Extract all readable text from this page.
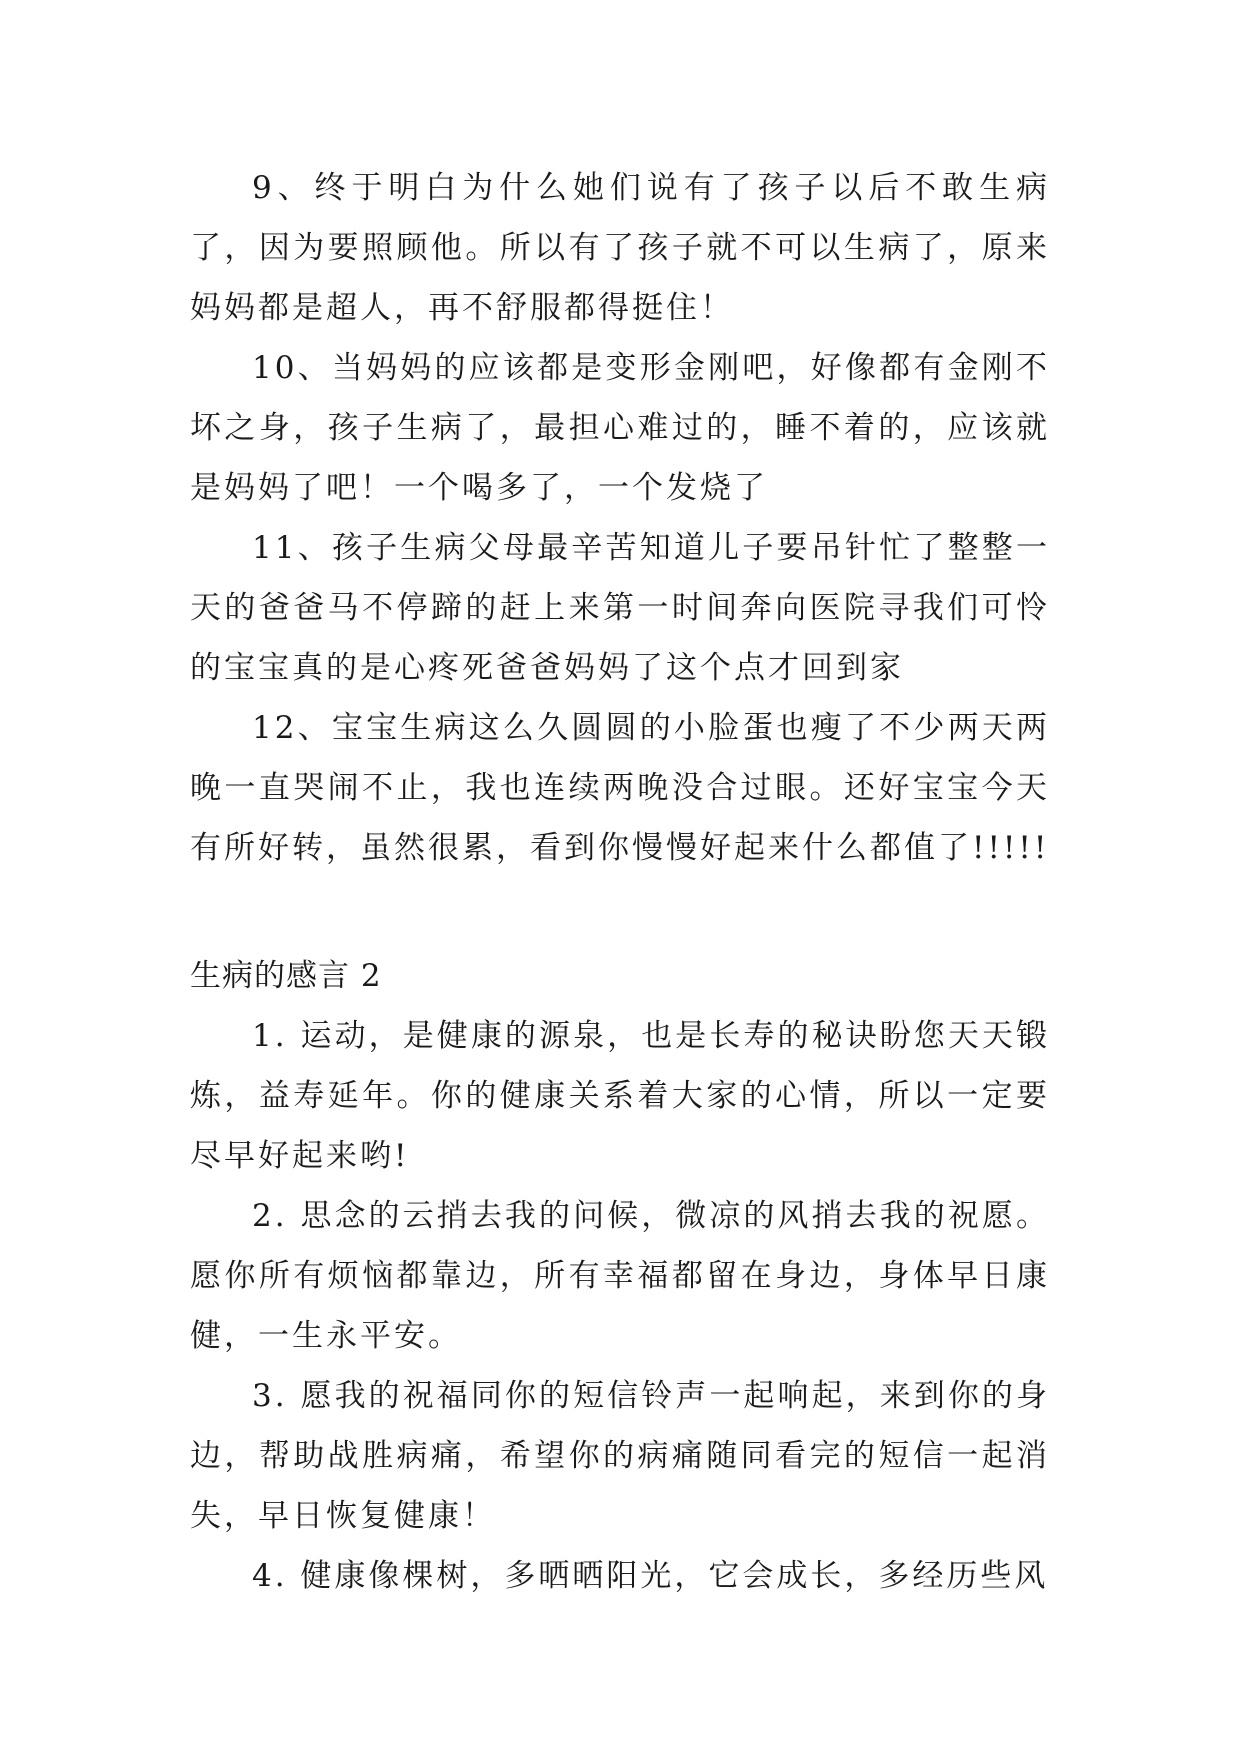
9、终于明白为什么她们说有了孩子以后不敢生病了，因为要照顾他。所以有了孩子就不可以生病了，原来妈妈都是超人，再不舒服都得挺住！

10、当妈妈的应该都是变形金刚吧，好像都有金刚不坏之身，孩子生病了，最担心难过的，睡不着的，应该就是妈妈了吧！一个喝多了，一个发烧了

11、孩子生病父母最辛苦知道儿子要吊针忙了整整一天的爸爸马不停蹄的赶上来第一时间奔向医院寻我们可怜的宝宝真的是心疼死爸爸妈妈了这个点才回到家

12、宝宝生病这么久圆圆的小脸蛋也瘦了不少两天两晚一直哭闹不止，我也连续两晚没合过眼。还好宝宝今天有所好转，虽然很累，看到你慢慢好起来什么都值了!!!!!

生病的感言 2

1. 运动，是健康的源泉，也是长寿的秘诀盼您天天锻炼，益寿延年。你的健康关系着大家的心情，所以一定要尽早好起来哟!

2. 思念的云捎去我的问候，微凉的风捎去我的祝愿。愿你所有烦恼都靠边，所有幸福都留在身边，身体早日康健，一生永平安。

3. 愿我的祝福同你的短信铃声一起响起，来到你的身边，帮助战胜病痛，希望你的病痛随同看完的短信一起消失，早日恢复健康！

4. 健康像棵树，多晒晒阳光，它会成长，多经历些风
